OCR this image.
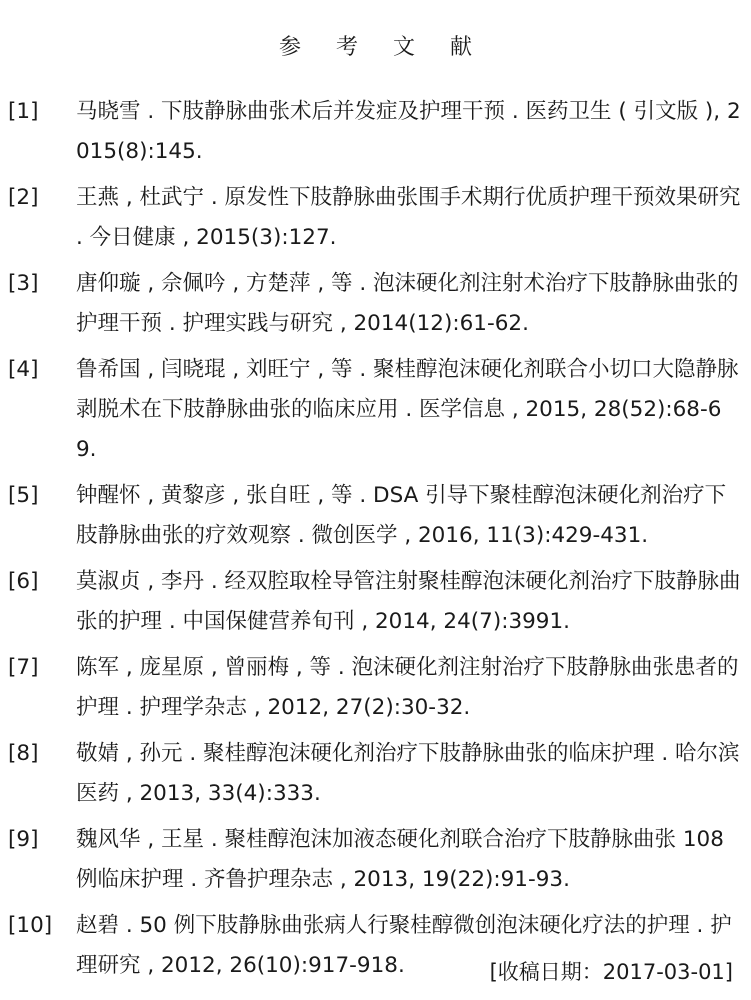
参 考 文 献
[1]	马晓雪 . 下肢静脉曲张术后并发症及护理干预 . 医药卫生 ( 引文版 ), 2015(8):145.
[2]	王燕 , 杜武宁 . 原发性下肢静脉曲张围手术期行优质护理干预效果研究 . 今日健康 , 2015(3):127.
[3]	唐仰璇 , 佘佩吟 , 方楚萍 , 等 . 泡沫硬化剂注射术治疗下肢静脉曲张的护理干预 . 护理实践与研究 , 2014(12):61-62.
[4]	鲁希国 , 闫晓琨 , 刘旺宁 , 等 . 聚桂醇泡沫硬化剂联合小切口大隐静脉剥脱术在下肢静脉曲张的临床应用 . 医学信息 , 2015, 28(52):68-69.
[5]	钟醒怀 , 黄黎彦 , 张自旺 , 等 . DSA 引导下聚桂醇泡沫硬化剂治疗下肢静脉曲张的疗效观察 . 微创医学 , 2016, 11(3):429-431.
[6]	莫淑贞 , 李丹 . 经双腔取栓导管注射聚桂醇泡沫硬化剂治疗下肢静脉曲张的护理 . 中国保健营养旬刊 , 2014, 24(7):3991.
[7]	陈军 , 庞星原 , 曾丽梅 , 等 . 泡沫硬化剂注射治疗下肢静脉曲张患者的护理 . 护理学杂志 , 2012, 27(2):30-32.
[8]	敬婧 , 孙元 . 聚桂醇泡沫硬化剂治疗下肢静脉曲张的临床护理 . 哈尔滨医药 , 2013, 33(4):333.
[9]	魏风华 , 王星 . 聚桂醇泡沫加液态硬化剂联合治疗下肢静脉曲张 108 例临床护理 . 齐鲁护理杂志 , 2013, 19(22):91-93.
[10]	赵碧 . 50 例下肢静脉曲张病人行聚桂醇微创泡沫硬化疗法的护理 . 护理研究 , 2012, 26(10):917-918.	[收稿日期：2017-03-01]
